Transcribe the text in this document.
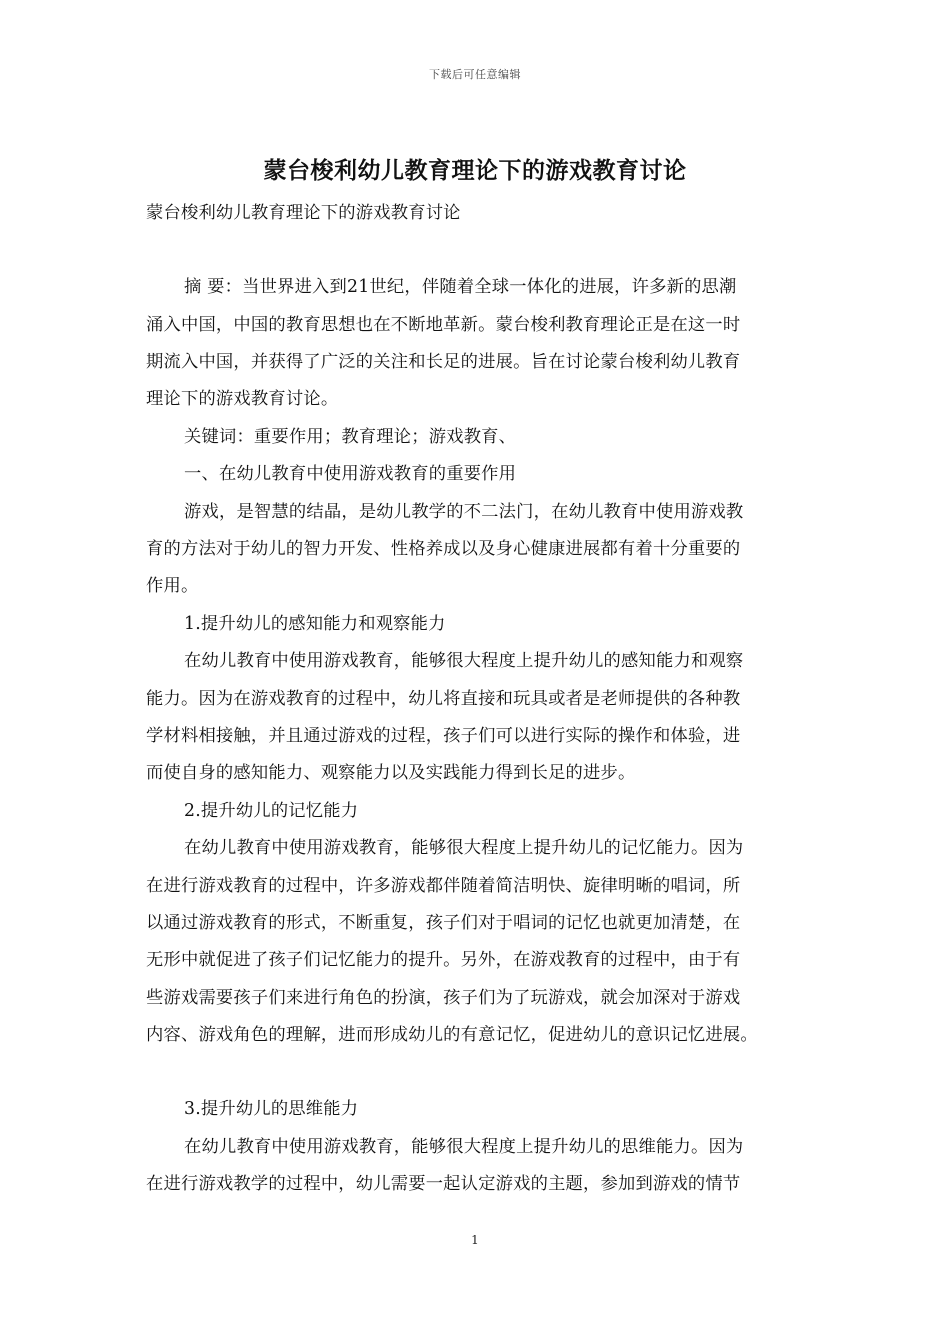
下载后可任意编辑
蒙台梭利幼儿教育理论下的游戏教育讨论
蒙台梭利幼儿教育理论下的游戏教育讨论
摘 要：当世界进入到21世纪，伴随着全球一体化的进展，许多新的思潮
涌入中国，中国的教育思想也在不断地革新。蒙台梭利教育理论正是在这一时
期流入中国，并获得了广泛的关注和长足的进展。旨在讨论蒙台梭利幼儿教育
理论下的游戏教育讨论。
关键词：重要作用；教育理论；游戏教育、
一、在幼儿教育中使用游戏教育的重要作用
游戏，是智慧的结晶，是幼儿教学的不二法门，在幼儿教育中使用游戏教
育的方法对于幼儿的智力开发、性格养成以及身心健康进展都有着十分重要的
作用。
1.提升幼儿的感知能力和观察能力
在幼儿教育中使用游戏教育，能够很大程度上提升幼儿的感知能力和观察
能力。因为在游戏教育的过程中，幼儿将直接和玩具或者是老师提供的各种教
学材料相接触，并且通过游戏的过程，孩子们可以进行实际的操作和体验，进
而使自身的感知能力、观察能力以及实践能力得到长足的进步。
2.提升幼儿的记忆能力
在幼儿教育中使用游戏教育，能够很大程度上提升幼儿的记忆能力。因为
在进行游戏教育的过程中，许多游戏都伴随着简洁明快、旋律明晰的唱词，所
以通过游戏教育的形式，不断重复，孩子们对于唱词的记忆也就更加清楚，在
无形中就促进了孩子们记忆能力的提升。另外，在游戏教育的过程中，由于有
些游戏需要孩子们来进行角色的扮演，孩子们为了玩游戏，就会加深对于游戏
内容、游戏角色的理解，进而形成幼儿的有意记忆，促进幼儿的意识记忆进展。
3.提升幼儿的思维能力
在幼儿教育中使用游戏教育，能够很大程度上提升幼儿的思维能力。因为
在进行游戏教学的过程中，幼儿需要一起认定游戏的主题，参加到游戏的情节
1
